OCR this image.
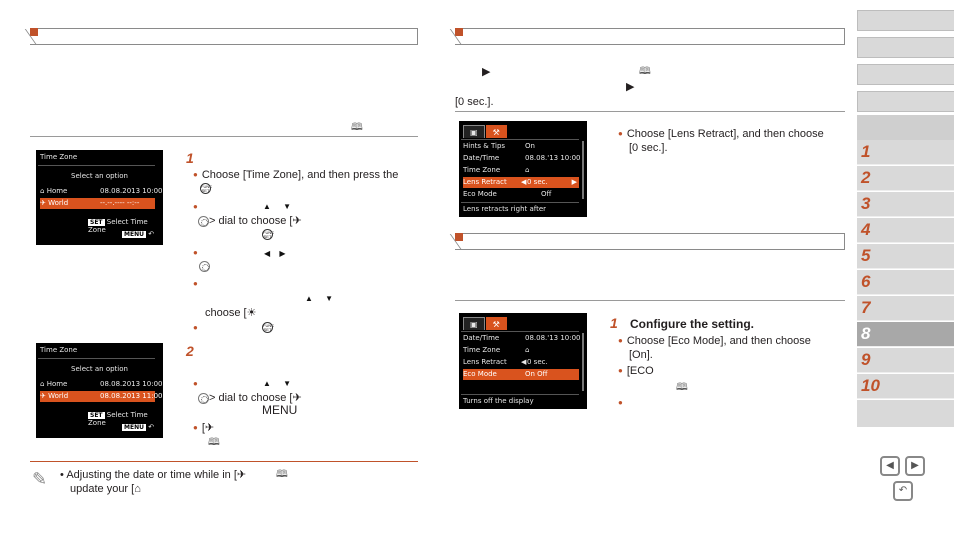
🕮
Time Zone
Select an option
⌂ Home	08.08.2013 10:00
✈ World	--.--.---- --:--
SET Select Time Zone
MENU ↶
1
● Choose [Time Zone], and then press the
FUNC
SET
●
▲ ▼
> dial to choose [✈
FUNC
SET
●
◀ ▶
●
▲ ▼
choose [☀
●
FUNC
SET
Time Zone
Select an option
⌂ Home	08.08.2013 10:00
✈ World	08.08.2013 11:00
SET Select Time Zone
MENU ↶
2
●
▲ ▼
> dial to choose [✈
MENU
● [✈
🕮
✎ • Adjusting the date or time while in [✈	🕮
update your [⌂
▶︎	🕮
▶︎
[0 sec.].
▣ ⚒
Hints & Tips	On
Date/Time	08.08.'13 10:00
Time Zone	⌂
Lens Retract ◀ 0 sec.	▶
Eco Mode	Off
Lens retracts right after
● Choose [Lens Retract], and then choose
[0 sec.].
▣ ⚒
Date/Time	08.08.'13 10:00
Time Zone	⌂
Lens Retract ◀ 0 sec.
Eco Mode	On Off

Turns off the display
1 Configure the setting.
● Choose [Eco Mode], and then choose
[On].
● [ECO
🕮
●
1
2
3
4
5
6
7
8
9
10
◀	▶
↶
